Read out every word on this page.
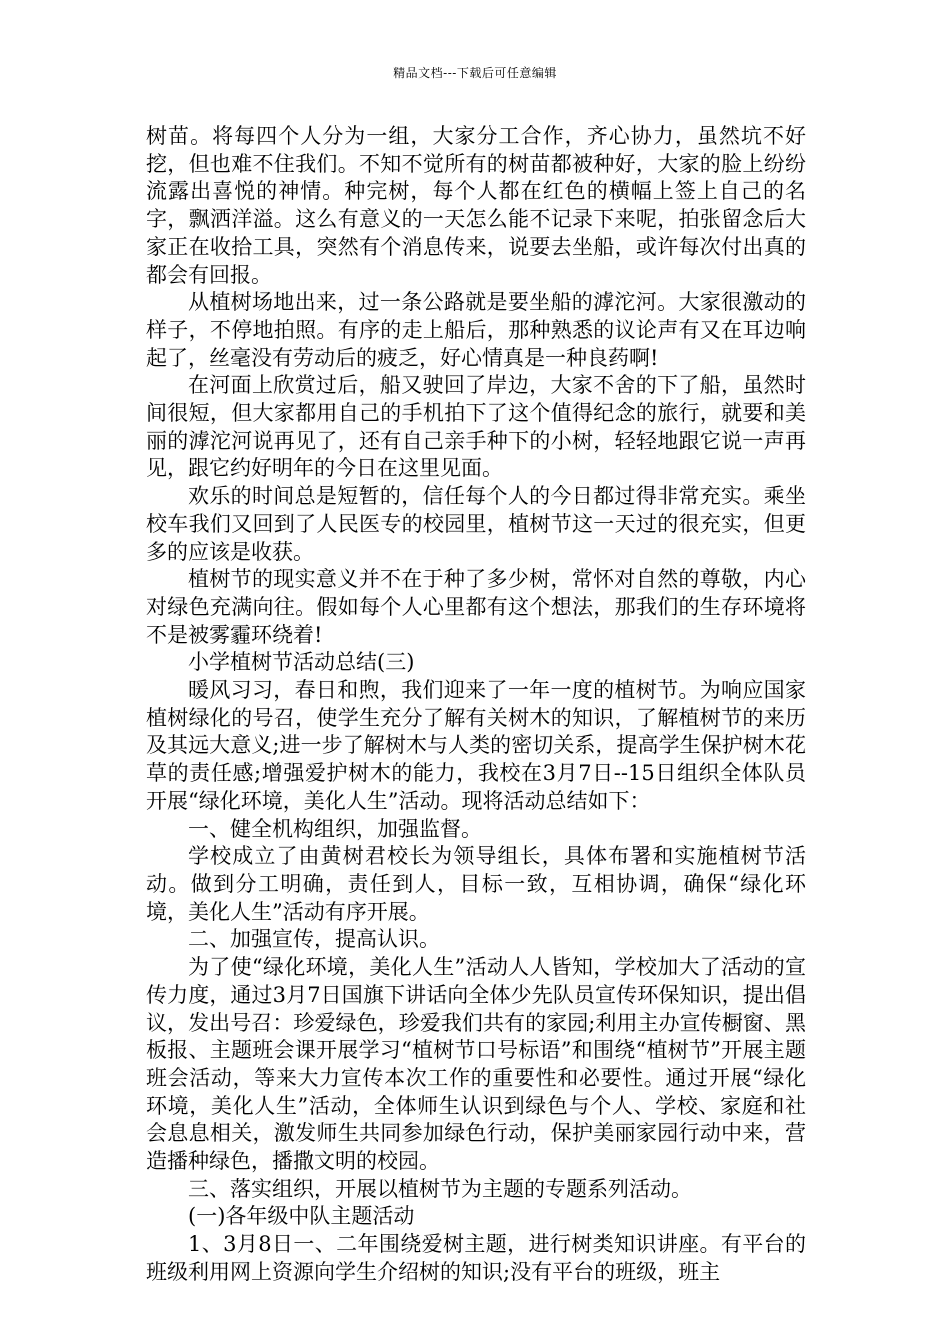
精品文档---下载后可任意编辑

树苗。将每四个人分为一组，大家分工合作，齐心协力，虽然坑不好挖，但也难不住我们。不知不觉所有的树苗都被种好，大家的脸上纷纷流露出喜悦的神情。种完树，每个人都在红色的横幅上签上自己的名字，飘洒洋溢。这么有意义的一天怎么能不记录下来呢，拍张留念后大家正在收拾工具，突然有个消息传来，说要去坐船，或许每次付出真的都会有回报。

从植树场地出来，过一条公路就是要坐船的滹沱河。大家很激动的样子，不停地拍照。有序的走上船后，那种熟悉的议论声有又在耳边响起了，丝毫没有劳动后的疲乏，好心情真是一种良药啊!

在河面上欣赏过后，船又驶回了岸边，大家不舍的下了船，虽然时间很短，但大家都用自己的手机拍下了这个值得纪念的旅行，就要和美丽的滹沱河说再见了，还有自己亲手种下的小树，轻轻地跟它说一声再见，跟它约好明年的今日在这里见面。

欢乐的时间总是短暂的，信任每个人的今日都过得非常充实。乘坐校车我们又回到了人民医专的校园里，植树节这一天过的很充实，但更多的应该是收获。

植树节的现实意义并不在于种了多少树，常怀对自然的尊敬，内心对绿色充满向往。假如每个人心里都有这个想法，那我们的生存环境将不是被雾霾环绕着!

小学植树节活动总结(三)

暖风习习，春日和煦，我们迎来了一年一度的植树节。为响应国家植树绿化的号召，使学生充分了解有关树木的知识，了解植树节的来历及其远大意义;进一步了解树木与人类的密切关系，提高学生保护树木花草的责任感;增强爱护树木的能力，我校在3月7日--15日组织全体队员开展“绿化环境，美化人生”活动。现将活动总结如下：

一、健全机构组织，加强监督。

学校成立了由黄树君校长为领导组长，具体布署和实施植树节活动。做到分工明确，责任到人，目标一致，互相协调，确保“绿化环境，美化人生”活动有序开展。

二、加强宣传，提高认识。

为了使“绿化环境，美化人生”活动人人皆知，学校加大了活动的宣传力度，通过3月7日国旗下讲话向全体少先队员宣传环保知识，提出倡议，发出号召：珍爱绿色，珍爱我们共有的家园;利用主办宣传橱窗、黑板报、主题班会课开展学习“植树节口号标语”和围绕“植树节”开展主题班会活动，等来大力宣传本次工作的重要性和必要性。通过开展“绿化环境，美化人生”活动，全体师生认识到绿色与个人、学校、家庭和社会息息相关，激发师生共同参加绿色行动，保护美丽家园行动中来，营造播种绿色，播撒文明的校园。

三、落实组织，开展以植树节为主题的专题系列活动。

(一)各年级中队主题活动

1、3月8日一、二年围绕爱树主题，进行树类知识讲座。有平台的班级利用网上资源向学生介绍树的知识;没有平台的班级，班主
